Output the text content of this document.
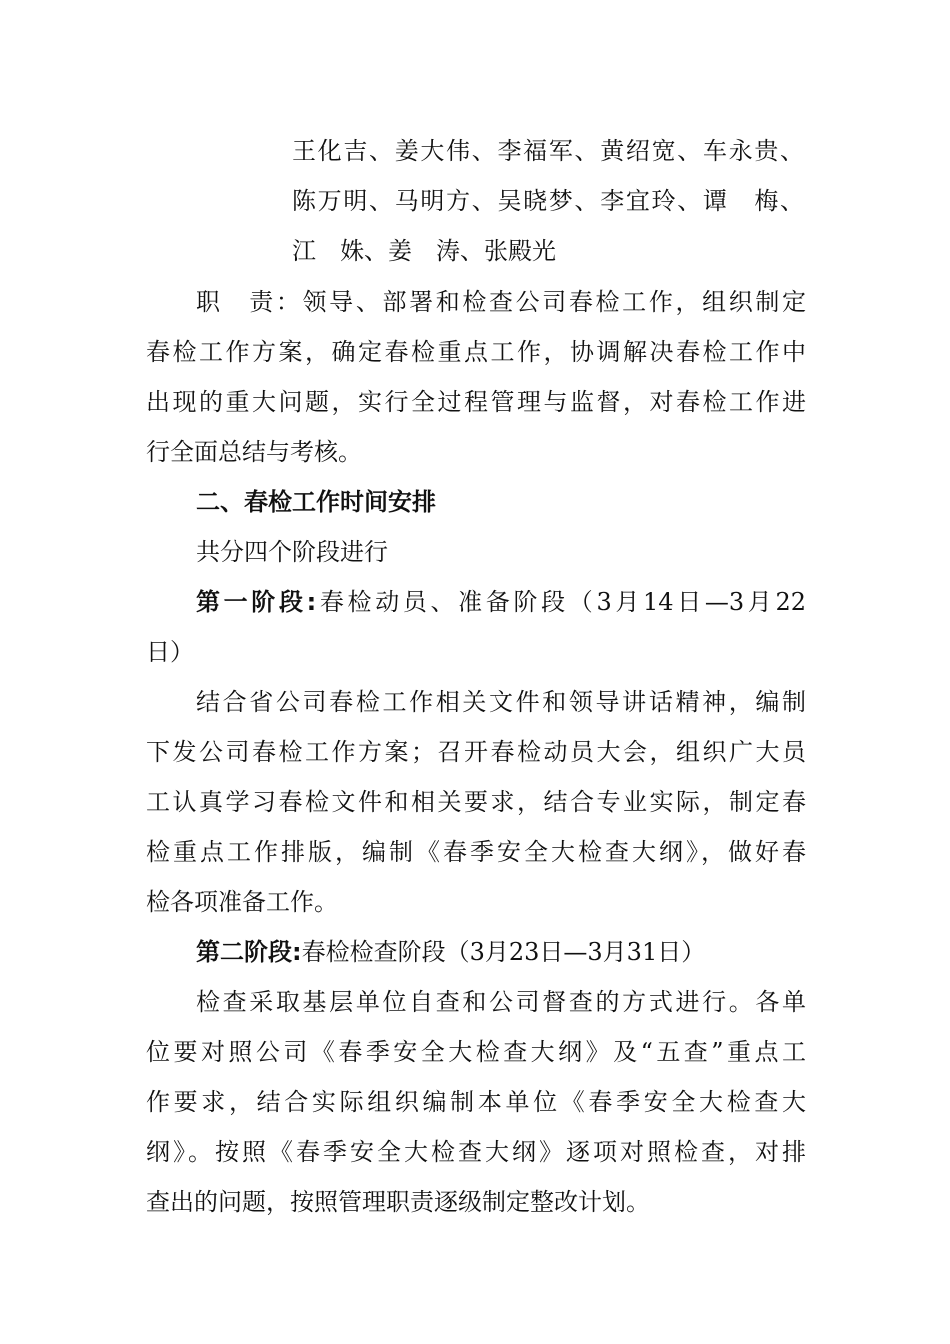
王化吉、姜大伟、李福军、黄绍宽、车永贵、
陈万明、马明方、吴晓梦、李宜玲、谭　梅、
江　姝、姜　涛、张殿光
职　责：领导、部署和检查公司春检工作，组织制定
春检工作方案，确定春检重点工作，协调解决春检工作中
出现的重大问题，实行全过程管理与监督，对春检工作进
行全面总结与考核。
二、春检工作时间安排
共分四个阶段进行
第一阶段:春检动员、准备阶段（3月14日—3月22
日）
结合省公司春检工作相关文件和领导讲话精神，编制
下发公司春检工作方案；召开春检动员大会，组织广大员
工认真学习春检文件和相关要求，结合专业实际，制定春
检重点工作排版，编制《春季安全大检查大纲》，做好春
检各项准备工作。
第二阶段:春检检查阶段（3月23日—3月31日）
检查采取基层单位自查和公司督查的方式进行。各单
位要对照公司《春季安全大检查大纲》及“五查”重点工
作要求，结合实际组织编制本单位《春季安全大检查大
纲》。按照《春季安全大检查大纲》逐项对照检查，对排
查出的问题，按照管理职责逐级制定整改计划。
